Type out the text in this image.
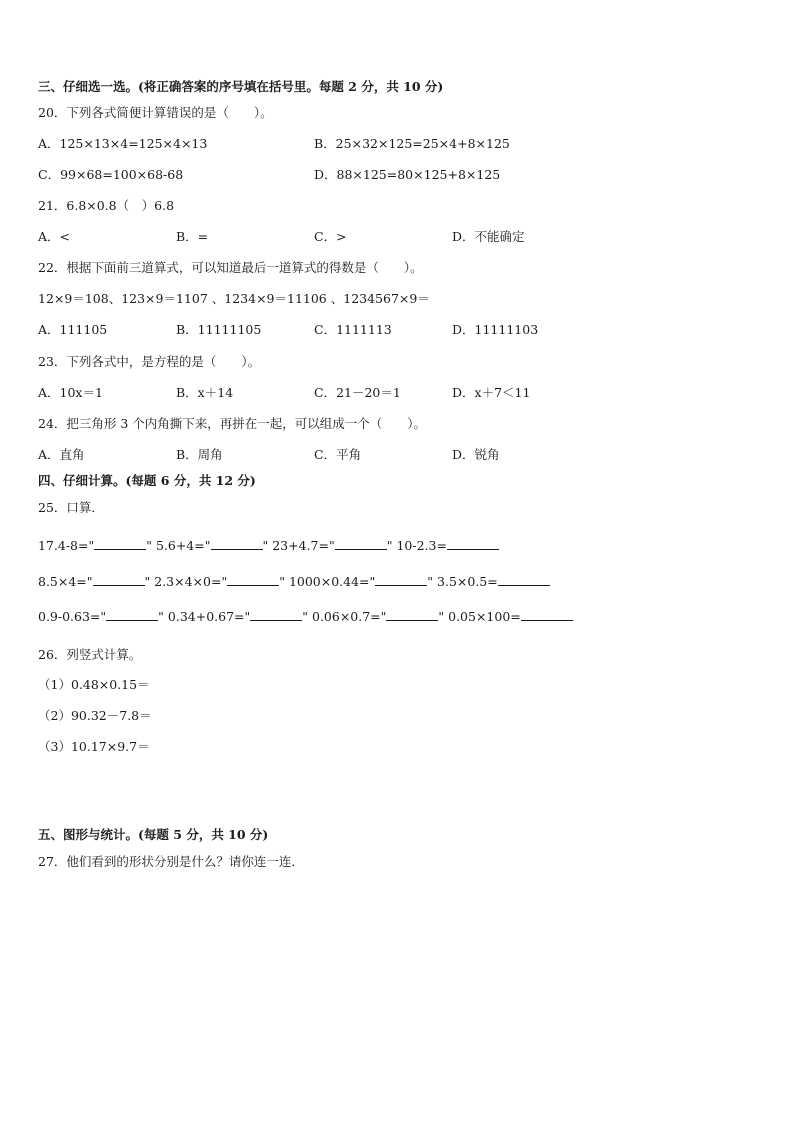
三、仔细选一选。(将正确答案的序号填在括号里。每题 2 分，共 10 分)
20．下列各式简便计算错误的是（　　）。
A．125×13×4=125×4×13	B．25×32×125=25×4+8×125
C．99×68=100×68-68	D．88×125=80×125+8×125
21．6.8×0.8（　）6.8
A．<	B．=	C．>	D．不能确定
22．根据下面前三道算式，可以知道最后一道算式的得数是（　　）。
12×9＝108、123×9＝1107 、1234×9＝11106 、1234567×9＝
A．111105	B．11111105	C．1111113	D．11111103
23．下列各式中，是方程的是（　　）。
A．10x＝1	B．x＋14	C．21－20＝1	D．x＋7＜11
24．把三角形 3 个内角撕下来，再拼在一起，可以组成一个（　　）。
A．直角	B．周角	C．平角	D．锐角
四、仔细计算。(每题 6 分，共 12 分)
25．口算．
17.4-8="	" 5.6+4="	" 23+4.7="	" 10-2.3=
8.5×4="	" 2.3×4×0="	" 1000×0.44="	" 3.5×0.5=
0.9-0.63="	" 0.34+0.67="	" 0.06×0.7="	" 0.05×100=
26．列竖式计算。
（1）0.48×0.15＝
（2）90.32－7.8＝
（3）10.17×9.7＝
五、图形与统计。(每题 5 分，共 10 分)
27．他们看到的形状分别是什么？请你连一连．
